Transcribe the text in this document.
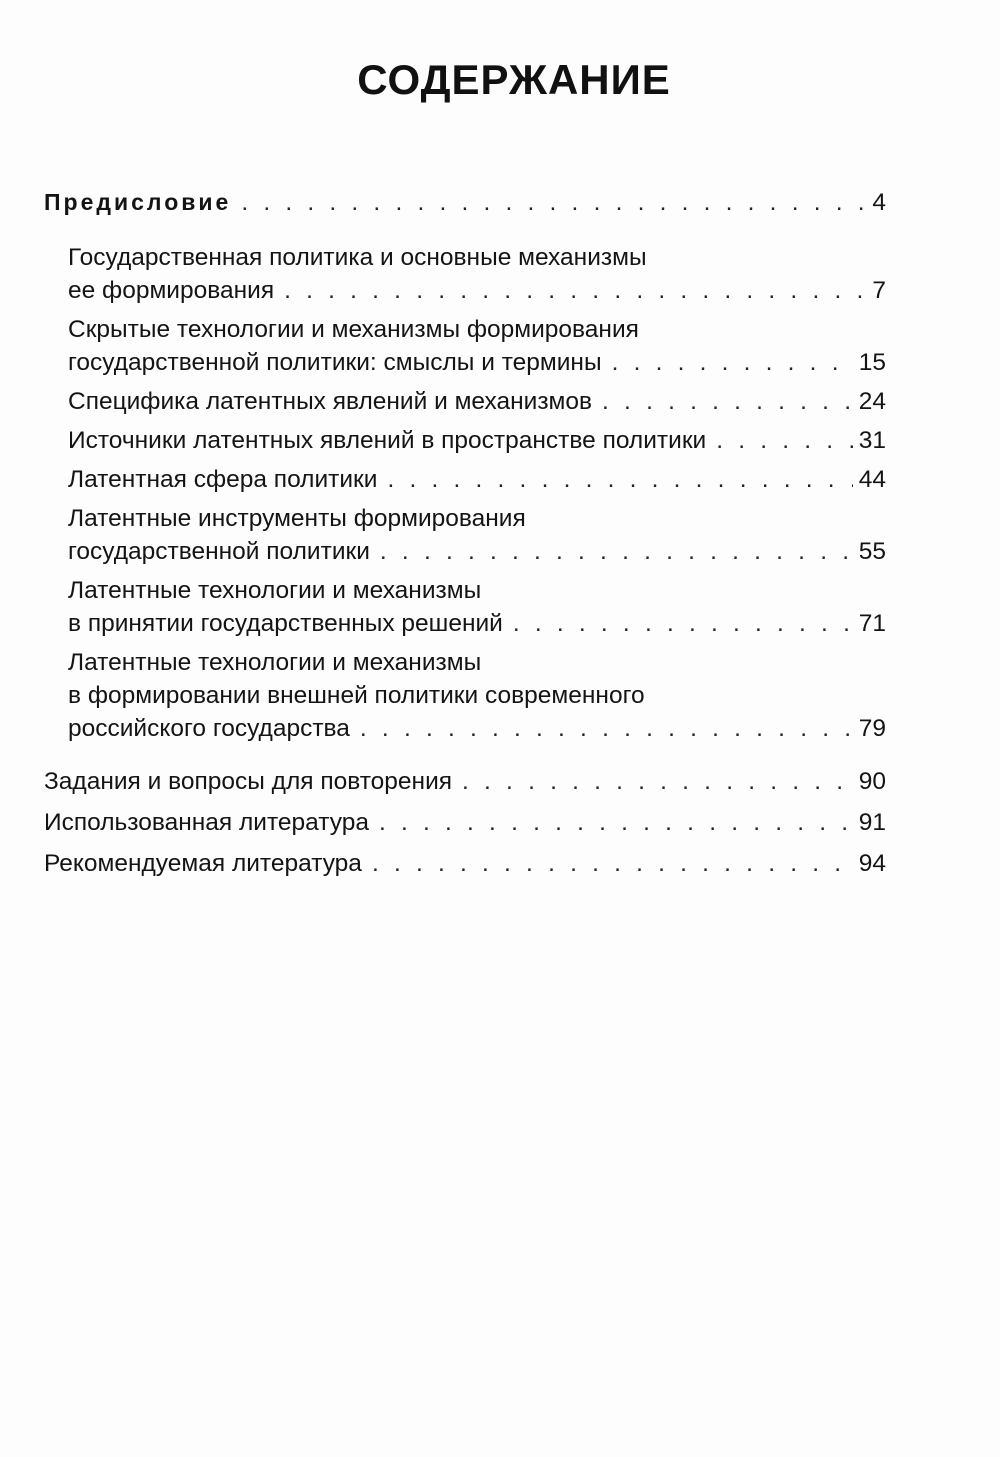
СОДЕРЖАНИЕ
Предисловие . . .	4
Государственная политика и основные механизмы
ее формирования . . .	7
Скрытые технологии и механизмы формирования
государственной политики: смыслы и термины . . .	15
Специфика латентных явлений и механизмов . . .	24
Источники латентных явлений в пространстве политики . . .	31
Латентная сфера политики . . .	44
Латентные инструменты формирования
государственной политики . . .	55
Латентные технологии и механизмы
в принятии государственных решений . . .	71
Латентные технологии и механизмы
в формировании внешней политики современного
российского государства . . .	79
Задания и вопросы для повторения . . .	90
Использованная литература . . .	91
Рекомендуемая литература . . .	94
